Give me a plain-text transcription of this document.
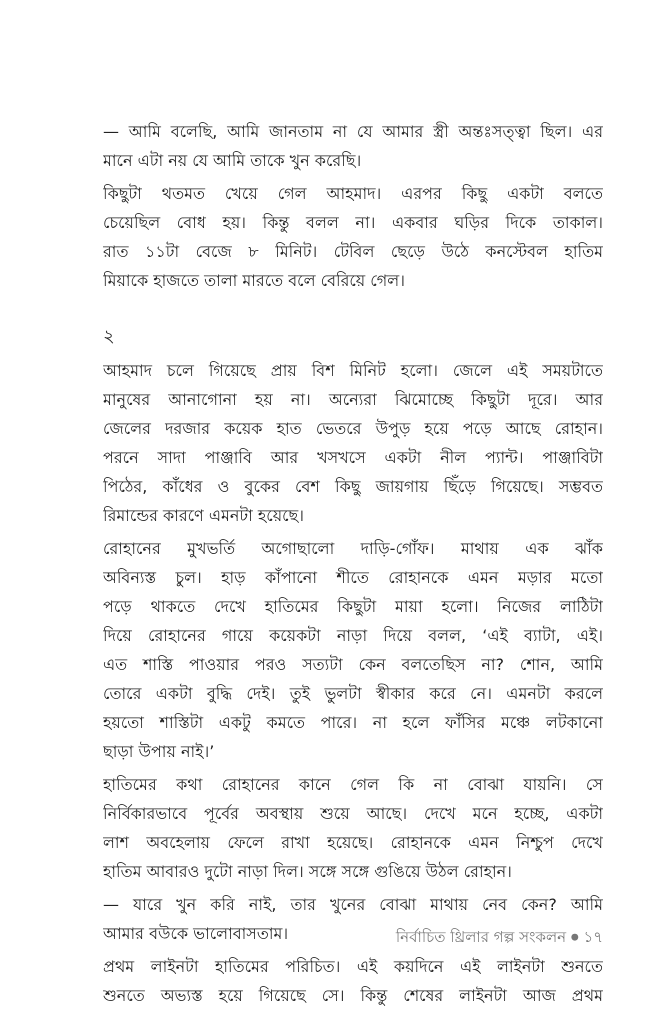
— আমি বলেছি, আমি জানতাম না যে আমার স্ত্রী অন্তঃসত্ত্বা ছিল। এর
মানে এটা নয় যে আমি তাকে খুন করেছি।
কিছুটা থতমত খেয়ে গেল আহমাদ। এরপর কিছু একটা বলতে
চেয়েছিল বোধ হয়। কিন্তু বলল না। একবার ঘড়ির দিকে তাকাল।
রাত ১১টা বেজে ৮ মিনিট। টেবিল ছেড়ে উঠে কনস্টেবল হাতিম
মিয়াকে হাজতে তালা মারতে বলে বেরিয়ে গেল।
২
আহমাদ চলে গিয়েছে প্রায় বিশ মিনিট হলো। জেলে এই সময়টাতে
মানুষের আনাগোনা হয় না। অন্যেরা ঝিমোচ্ছে কিছুটা দূরে। আর
জেলের দরজার কয়েক হাত ভেতরে উপুড় হয়ে পড়ে আছে রোহান।
পরনে সাদা পাঞ্জাবি আর খসখসে একটা নীল প্যান্ট। পাঞ্জাবিটা
পিঠের, কাঁধের ও বুকের বেশ কিছু জায়গায় ছিঁড়ে গিয়েছে। সম্ভবত
রিমান্ডের কারণে এমনটা হয়েছে।
রোহানের মুখভর্তি অগোছালো দাড়ি-গোঁফ। মাথায় এক ঝাঁক
অবিন্যস্ত চুল। হাড় কাঁপানো শীতে রোহানকে এমন মড়ার মতো
পড়ে থাকতে দেখে হাতিমের কিছুটা মায়া হলো। নিজের লাঠিটা
দিয়ে রোহানের গায়ে কয়েকটা নাড়া দিয়ে বলল, ‘এই ব্যাটা, এই।
এত শাস্তি পাওয়ার পরও সত্যটা কেন বলতেছিস না? শোন, আমি
তোরে একটা বুদ্ধি দেই। তুই ভুলটা স্বীকার করে নে। এমনটা করলে
হয়তো শাস্তিটা একটু কমতে পারে। না হলে ফাঁসির মঞ্চে লটকানো
ছাড়া উপায় নাই।’
হাতিমের কথা রোহানের কানে গেল কি না বোঝা যায়নি। সে
নির্বিকারভাবে পূর্বের অবস্থায় শুয়ে আছে। দেখে মনে হচ্ছে, একটা
লাশ অবহেলায় ফেলে রাখা হয়েছে। রোহানকে এমন নিশ্চুপ দেখে
হাতিম আবারও দুটো নাড়া দিল। সঙ্গে সঙ্গে গুঙিয়ে উঠল রোহান।
— যারে খুন করি নাই, তার খুনের বোঝা মাথায় নেব কেন? আমি
আমার বউকে ভালোবাসতাম।
প্রথম লাইনটা হাতিমের পরিচিত। এই কয়দিনে এই লাইনটা শুনতে
শুনতে অভ্যস্ত হয়ে গিয়েছে সে। কিন্তু শেষের লাইনটা আজ প্রথম
নির্বাচিত থ্রিলার গল্প সংকলন ● ১৭
